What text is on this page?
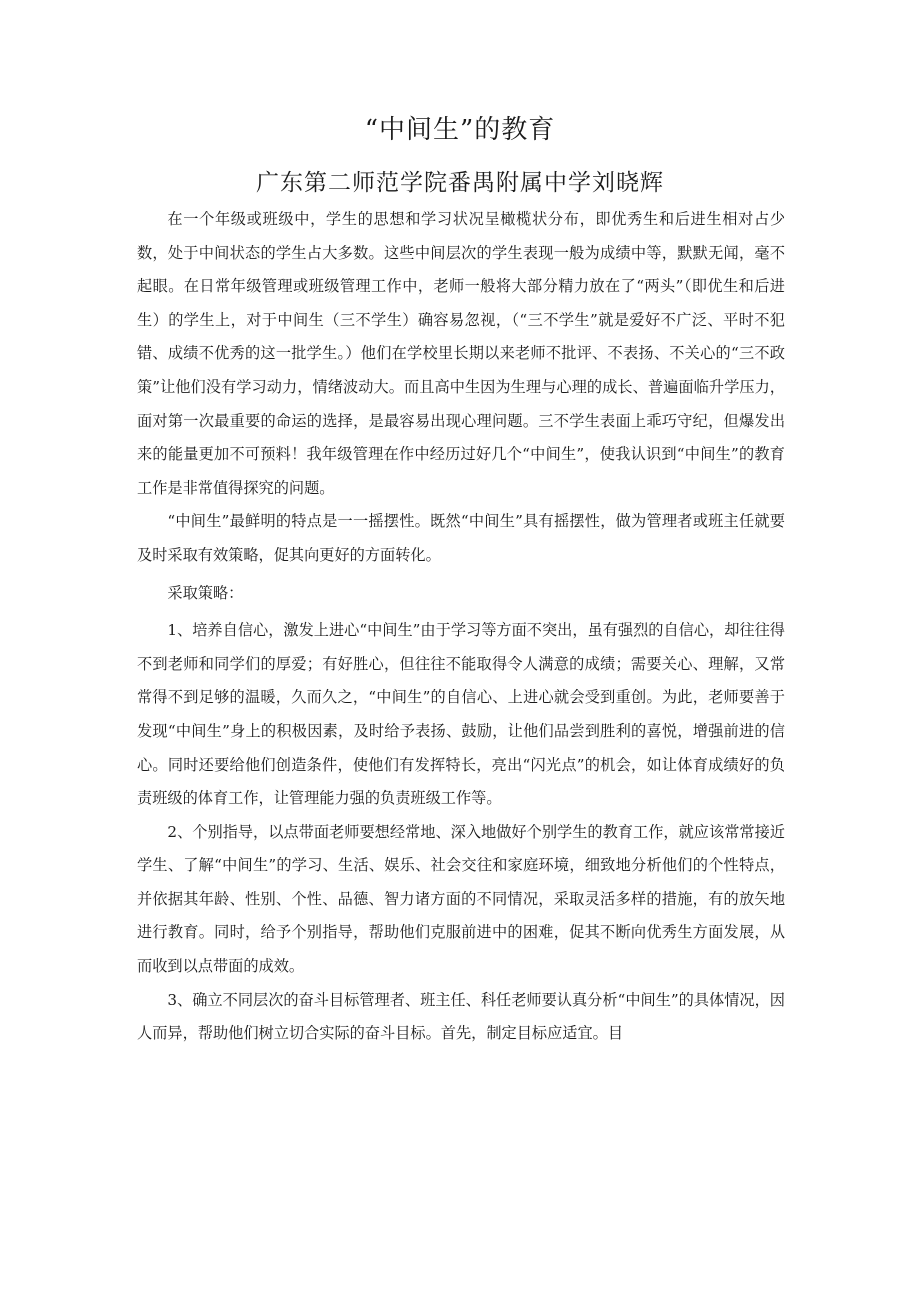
“中间生”的教育
广东第二师范学院番禺附属中学刘晓辉

在一个年级或班级中，学生的思想和学习状况呈橄榄状分布，即优秀生和后进生相对占少数，处于中间状态的学生占大多数。这些中间层次的学生表现一般为成绩中等，默默无闻，毫不起眼。在日常年级管理或班级管理工作中，老师一般将大部分精力放在了“两头”（即优生和后进生）的学生上，对于中间生（三不学生）确容易忽视，（“三不学生”就是爱好不广泛、平时不犯错、成绩不优秀的这一批学生。）他们在学校里长期以来老师不批评、不表扬、不关心的“三不政策”让他们没有学习动力，情绪波动大。而且高中生因为生理与心理的成长、普遍面临升学压力，面对第一次最重要的命运的选择，是最容易出现心理问题。三不学生表面上乖巧守纪，但爆发出来的能量更加不可预料！我年级管理在作中经历过好几个“中间生”，使我认识到“中间生”的教育工作是非常值得探究的问题。

“中间生”最鲜明的特点是一一摇摆性。既然“中间生”具有摇摆性，做为管理者或班主任就要及时采取有效策略，促其向更好的方面转化。

采取策略：

1、培养自信心，激发上进心“中间生”由于学习等方面不突出，虽有强烈的自信心，却往往得不到老师和同学们的厚爱；有好胜心，但往往不能取得令人满意的成绩；需要关心、理解，又常常得不到足够的温暖，久而久之，“中间生”的自信心、上进心就会受到重创。为此，老师要善于发现“中间生”身上的积极因素，及时给予表扬、鼓励，让他们品尝到胜利的喜悦，增强前进的信心。同时还要给他们创造条件，使他们有发挥特长，亮出“闪光点”的机会，如让体育成绩好的负责班级的体育工作，让管理能力强的负责班级工作等。

2、个别指导，以点带面老师要想经常地、深入地做好个别学生的教育工作，就应该常常接近学生、了解“中间生”的学习、生活、娱乐、社会交往和家庭环境，细致地分析他们的个性特点，并依据其年龄、性别、个性、品德、智力诸方面的不同情况，采取灵活多样的措施，有的放矢地进行教育。同时，给予个别指导，帮助他们克服前进中的困难，促其不断向优秀生方面发展，从而收到以点带面的成效。

3、确立不同层次的奋斗目标管理者、班主任、科任老师要认真分析“中间生”的具体情况，因人而异，帮助他们树立切合实际的奋斗目标。首先，制定目标应适宜。目
